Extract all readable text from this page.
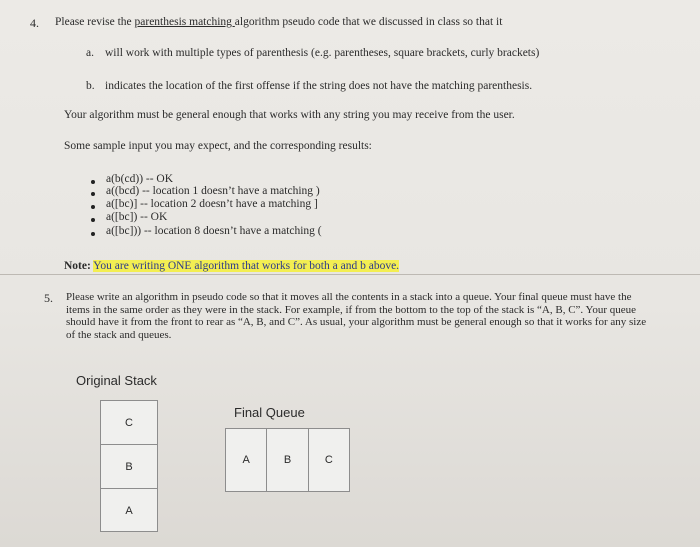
4. Please revise the parenthesis matching algorithm pseudo code that we discussed in class so that it
a. will work with multiple types of parenthesis (e.g. parentheses, square brackets, curly brackets)
b. indicates the location of the first offense if the string does not have the matching parenthesis.
Your algorithm must be general enough that works with any string you may receive from the user.
Some sample input you may expect, and the corresponding results:
a(b(cd)) -- OK
a((bcd) -- location 1 doesn’t have a matching )
a([bc)] -- location 2 doesn’t have a matching ]
a([bc]) -- OK
a([bc])) -- location 8 doesn’t have a matching (
Note: You are writing ONE algorithm that works for both a and b above.
5. Please write an algorithm in pseudo code so that it moves all the contents in a stack into a queue. Your final queue must have the items in the same order as they were in the stack. For example, if from the bottom to the top of the stack is “A, B, C”. Your queue should have it from the front to rear as “A, B, and C”. As usual, your algorithm must be general enough so that it works for any size of the stack and queues.
Original Stack
Final Queue
C
B
A
A	B	C
